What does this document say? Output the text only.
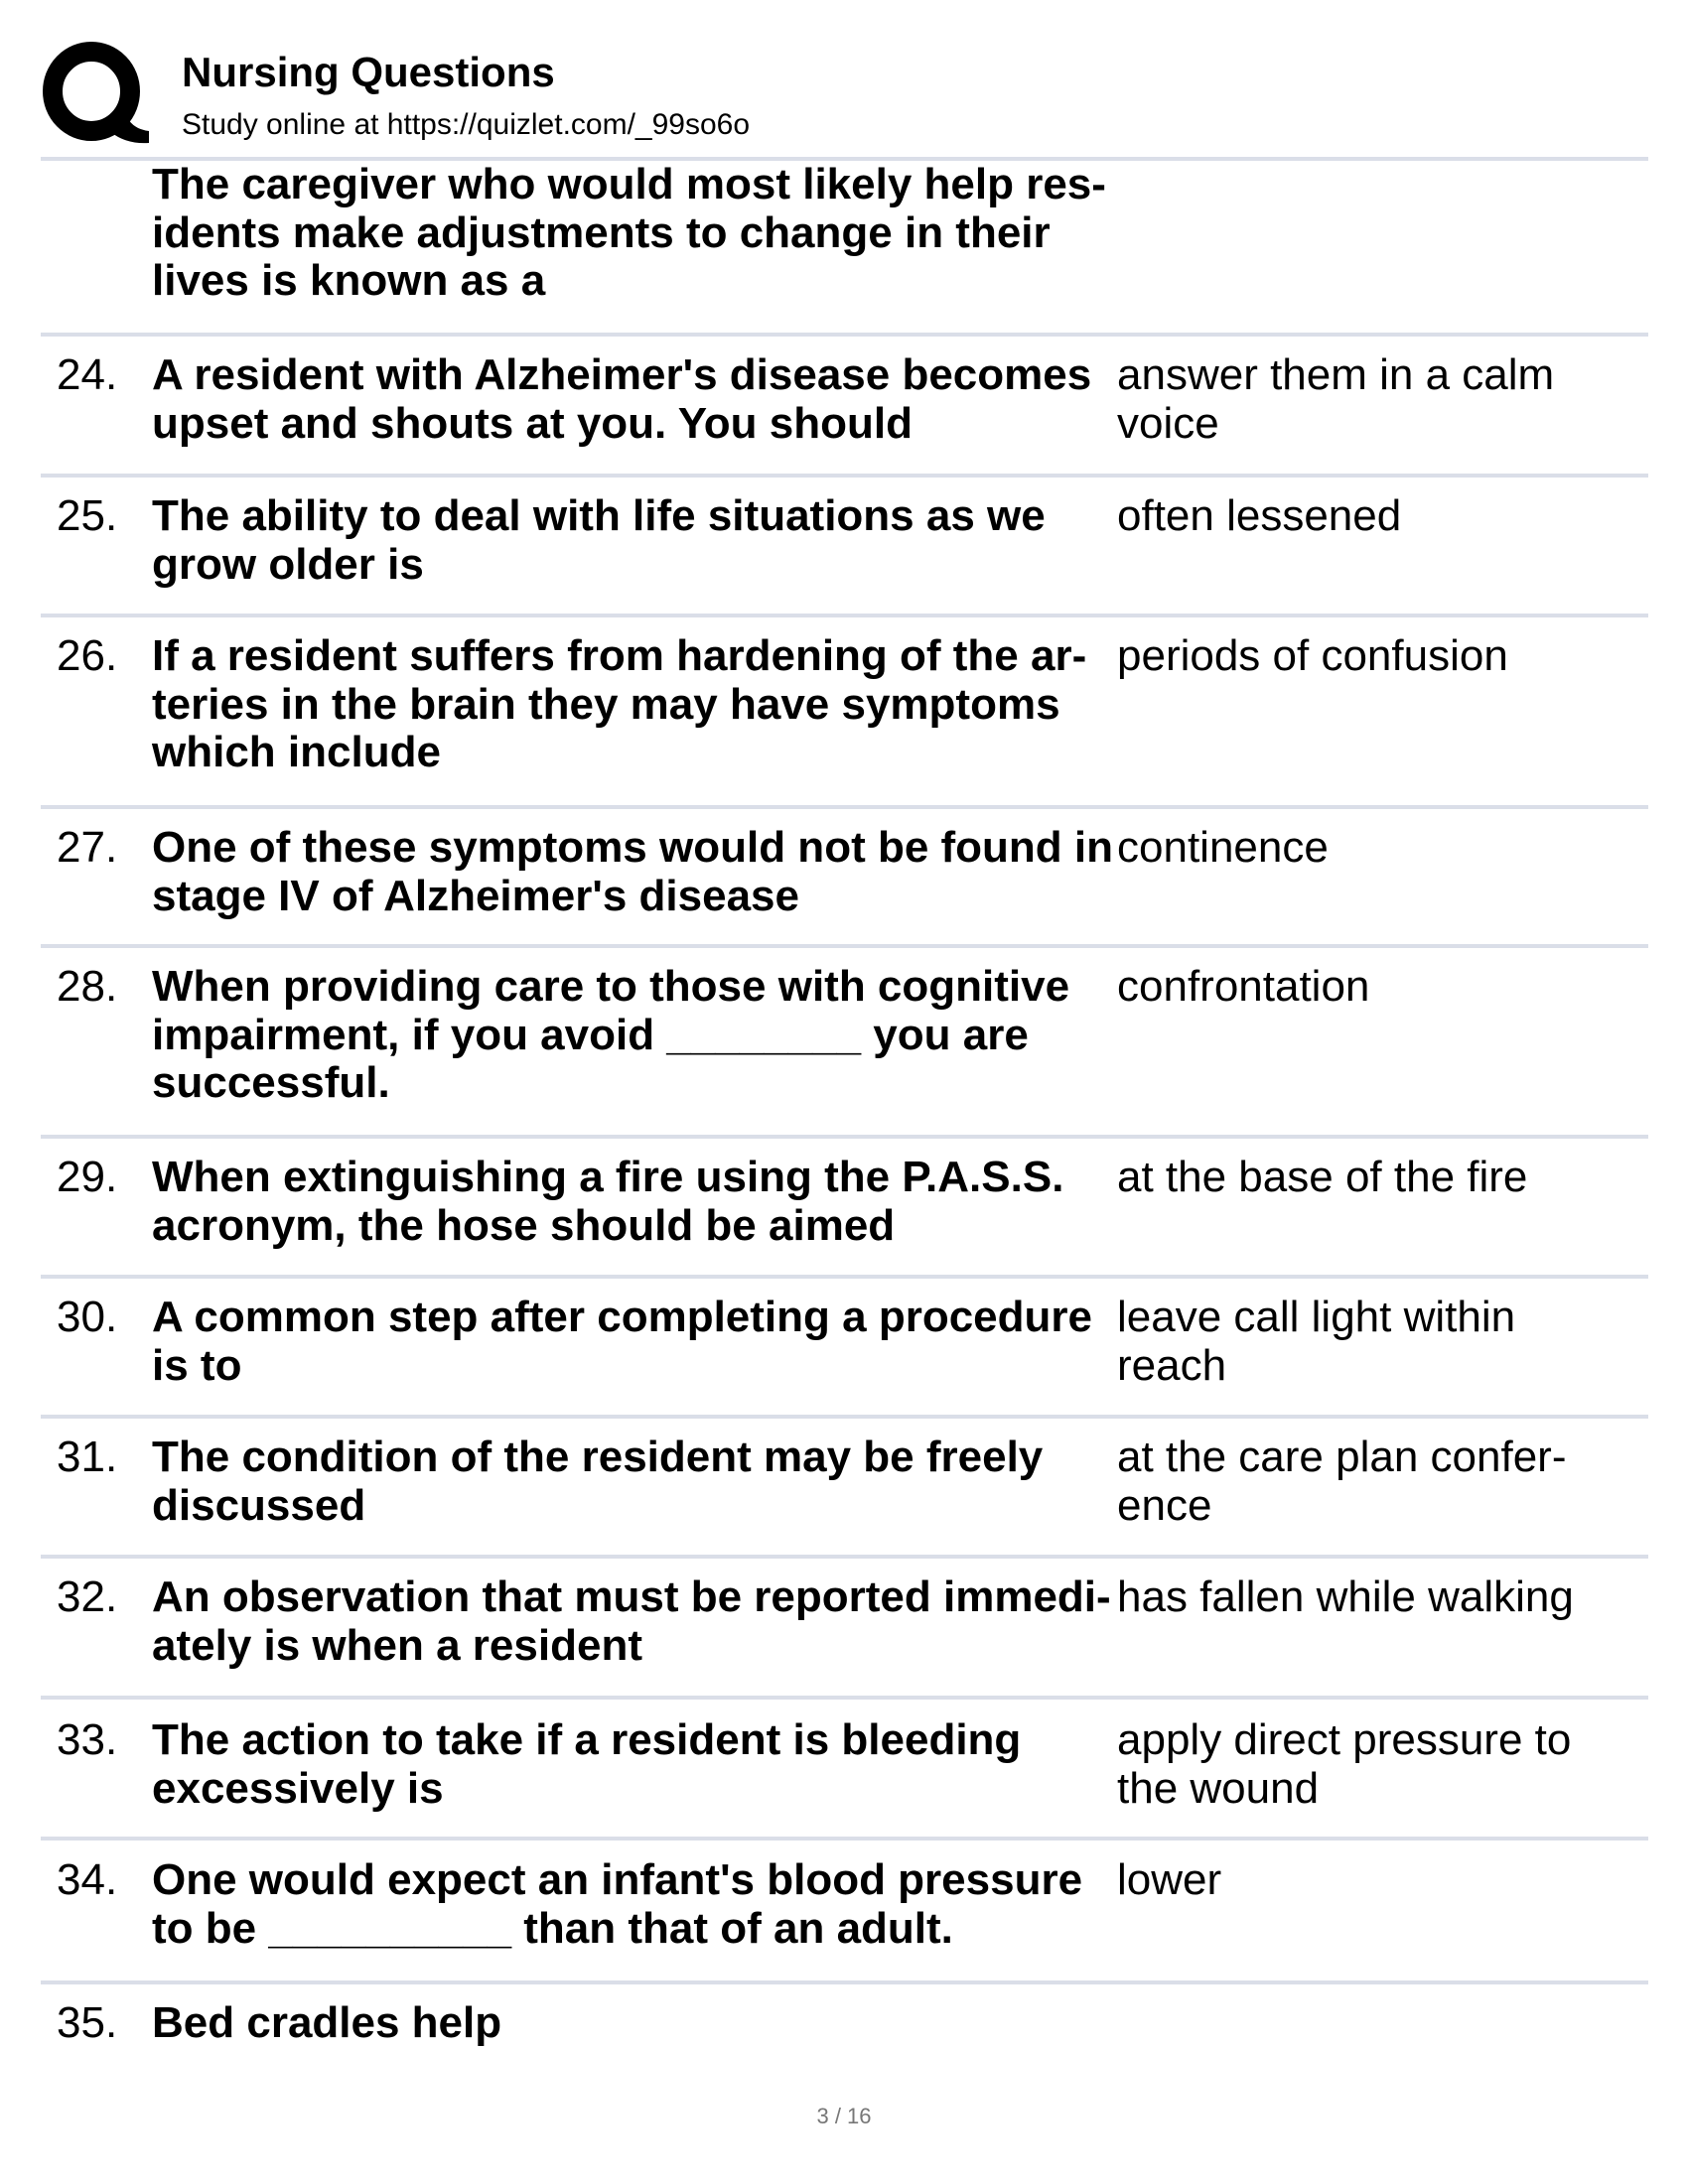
Nursing Questions
Study online at https://quizlet.com/_99so6o
The caregiver who would most likely help res-
idents make adjustments to change in their
lives is known as a
24. A resident with Alzheimer's disease becomes
upset and shouts at you. You should
answer them in a calm
voice
25. The ability to deal with life situations as we
grow older is
often lessened
26. If a resident suffers from hardening of the ar-
teries in the brain they may have symptoms
which include
periods of confusion
27. One of these symptoms would not be found in
stage IV of Alzheimer's disease
continence
28. When providing care to those with cognitive
impairment, if you avoid ________ you are
successful.
confrontation
29. When extinguishing a fire using the P.A.S.S.
acronym, the hose should be aimed
at the base of the fire
30. A common step after completing a procedure
is to
leave call light within
reach
31. The condition of the resident may be freely
discussed
at the care plan confer-
ence
32. An observation that must be reported immedi-
ately is when a resident
has fallen while walking
33. The action to take if a resident is bleeding
excessively is
apply direct pressure to
the wound
34. One would expect an infant's blood pressure
to be __________ than that of an adult.
lower
35. Bed cradles help
3 / 16
